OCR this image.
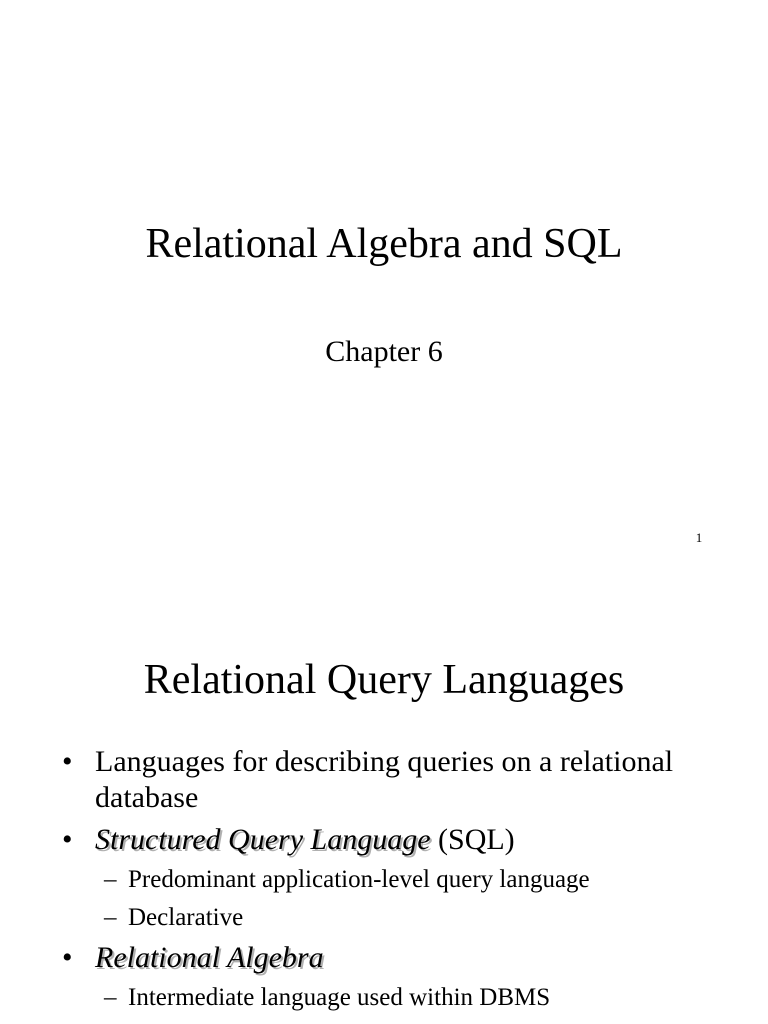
Relational Algebra and SQL
Chapter 6
1
Relational Query Languages
• Languages for describing queries on a relational database
• Structured Query Language (SQL)
– Predominant application-level query language
– Declarative
• Relational Algebra
– Intermediate language used within DBMS
